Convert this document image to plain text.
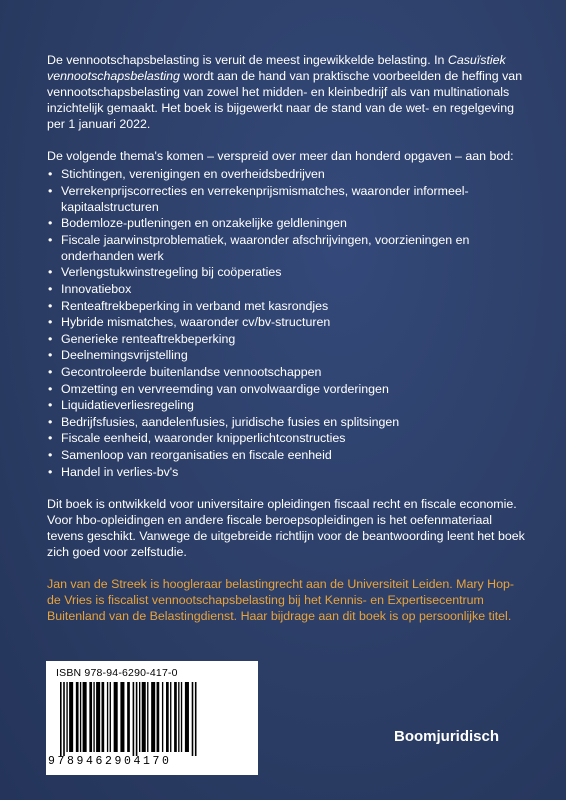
De vennootschapsbelasting is veruit de meest ingewikkelde belasting. In Casuïstiek vennootschapsbelasting wordt aan de hand van praktische voorbeelden de heffing van vennootschapsbelasting van zowel het midden- en kleinbedrijf als van multinationals inzichtelijk gemaakt. Het boek is bijgewerkt naar de stand van de wet- en regelgeving per 1 januari 2022.

De volgende thema's komen – verspreid over meer dan honderd opgaven – aan bod:

• Stichtingen, verenigingen en overheidsbedrijven
• Verrekenprijscorrecties en verrekenprijsmismatches, waaronder informeel-kapitaalstructuren
• Bodemloze-putleningen en onzakelijke geldleningen
• Fiscale jaarwinstproblematiek, waaronder afschrijvingen, voorzieningen en onderhanden werk
• Verlengstukwinstregeling bij coöperaties
• Innovatiebox
• Renteaftrekbeperking in verband met kasrondjes
• Hybride mismatches, waaronder cv/bv-structuren
• Generieke renteaftrekbeperking
• Deelnemingsvrijstelling
• Gecontroleerde buitenlandse vennootschappen
• Omzetting en vervreemding van onvolwaardige vorderingen
• Liquidatieverliesregeling
• Bedrijfsfusies, aandelenfusies, juridische fusies en splitsingen
• Fiscale eenheid, waaronder knipperlichtconstructies
• Samenloop van reorganisaties en fiscale eenheid
• Handel in verlies-bv's

Dit boek is ontwikkeld voor universitaire opleidingen fiscaal recht en fiscale economie. Voor hbo-opleidingen en andere fiscale beroepsopleidingen is het oefenmateriaal tevens geschikt. Vanwege de uitgebreide richtlijn voor de beantwoording leent het boek zich goed voor zelfstudie.

Jan van de Streek is hoogleraar belastingrecht aan de Universiteit Leiden. Mary Hop-de Vries is fiscalist vennootschapsbelasting bij het Kennis- en Expertisecentrum Buitenland van de Belastingdienst. Haar bijdrage aan dit boek is op persoonlijke titel.

ISBN 978-94-6290-417-0
9789462904170
Boomjuridisch
